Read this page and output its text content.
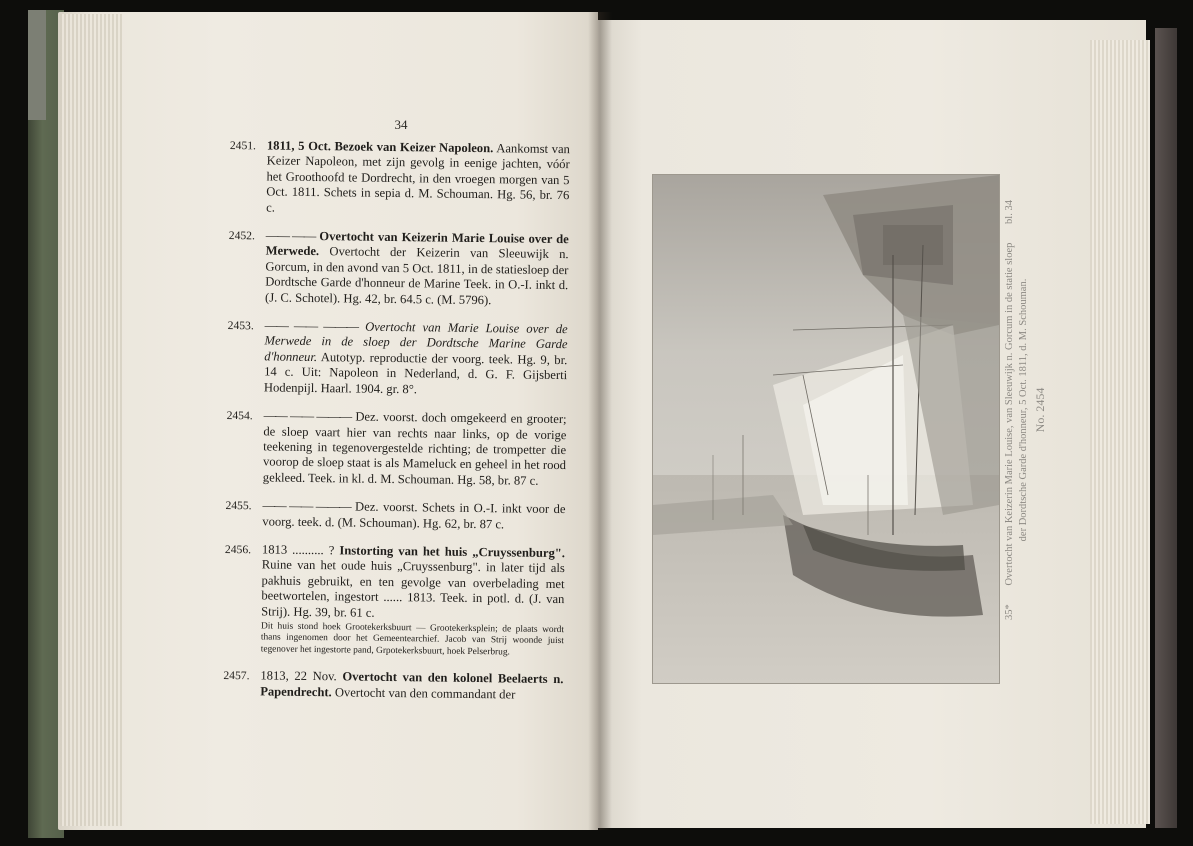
34
2451. 1811, 5 Oct. Bezoek van Keizer Napoleon. Aankomst van Keizer Napoleon, met zijn gevolg in eenige jachten, vóór het Groothoofd te Dordrecht, in den vroegen morgen van 5 Oct. 1811. Schets in sepia d. M. Schouman. Hg. 56, br. 76 c.
2452. —— —— Overtocht van Keizerin Marie Louise over de Merwede. Overtocht der Keizerin van Sleeuwijk n. Gorcum, in den avond van 5 Oct. 1811, in de statiesloep der Dordtsche Garde d'honneur de Marine Teek. in O.-I. inkt d. (J. C. Schotel). Hg. 42, br. 64.5 c. (M. 5796).
2453. —— —— ——— Overtocht van Marie Louise over de Merwede in de sloep der Dordtsche Marine Garde d'honneur. Autotyp. reproductie der voorg. teek. Hg. 9, br. 14 c. Uit: Napoleon in Nederland, d. G. F. Gijsberti Hodenpijl. Haarl. 1904. gr. 8°.
2454. —— —— ——— Dez. voorst. doch omgekeerd en grooter; de sloep vaart hier van rechts naar links, op de vorige teekening in tegenovergestelde richting; de trompetter die voorop de sloep staat is als Mameluck en geheel in het rood gekleed. Teek. in kl. d. M. Schouman. Hg. 58, br. 87 c.
2455. —— —— ——— Dez. voorst. Schets in O.-I. inkt voor de voorg. teek. d. (M. Schouman). Hg. 62, br. 87 c.
2456. 1813 .......... ? Instorting van het huis „Cruyssenburg". Ruine van het oude huis „Cruyssenburg". in later tijd als pakhuis gebruikt, en ten gevolge van overbelading met beetwortelen, ingestort ...... 1813. Teek. in potl. d. (J. van Strij). Hg. 39, br. 61 c.
Dit huis stond hoek Grootekerksbuurt — Grootekerksplein; de plaats wordt thans ingenomen door het Gemeentearchief. Jacob van Strij woonde juist tegenover het ingestorte pand, Grpotekerksbuurt, hoek Pelserbrug.
2457. 1813, 22 Nov. Overtocht van den kolonel Beelaerts n. Papendrecht. Overtocht van den commandant der
35*
Overtocht van Keizerin Marie Louise, van Sleeuwijk n. Gorcum in de statie sloep
bl. 34
der Dordtsche Garde d'honneur, 5 Oct. 1811, d. M. Schouman. No. 2454
